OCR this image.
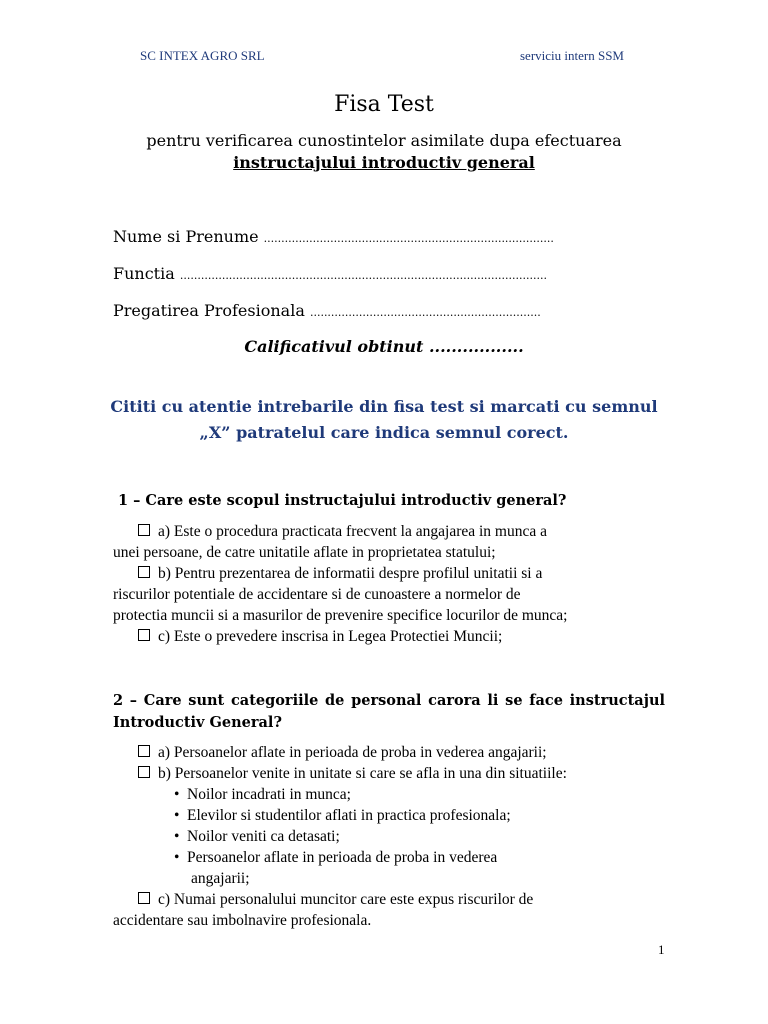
SC INTEX AGRO SRL	serviciu intern SSM
Fisa Test
pentru verificarea cunostintelor asimilate dupa efectuarea
instructajului introductiv general
Nume si Prenume ...................................................................................
Functia .........................................................................................................
Pregatirea Profesionala ..................................................................
Calificativul obtinut .................
Cititi cu atentie intrebarile din fisa test si marcati cu semnul
„X” patratelul care indica semnul corect.
1 – Care este scopul instructajului introductiv general?
a) Este o procedura practicata frecvent la angajarea in munca a
unei persoane, de catre unitatile aflate in proprietatea statului;
b) Pentru prezentarea de informatii despre profilul unitatii si a
riscurilor potentiale de accidentare si de cunoastere a normelor de
protectia muncii si a masurilor de prevenire specifice locurilor de munca;
c) Este o prevedere inscrisa in Legea Protectiei Muncii;
2 – Care sunt categoriile de personal carora li se face instructajul Introductiv General?
a) Persoanelor aflate in perioada de proba in vederea angajarii;
b) Persoanelor venite in unitate si care se afla in una din situatiile:
• Noilor incadrati in munca;
• Elevilor si studentilor aflati in practica profesionala;
• Noilor veniti ca detasati;
• Persoanelor aflate in perioada de proba in vederea
angajarii;
c) Numai personalului muncitor care este expus riscurilor de
accidentare sau imbolnavire profesionala.
1
